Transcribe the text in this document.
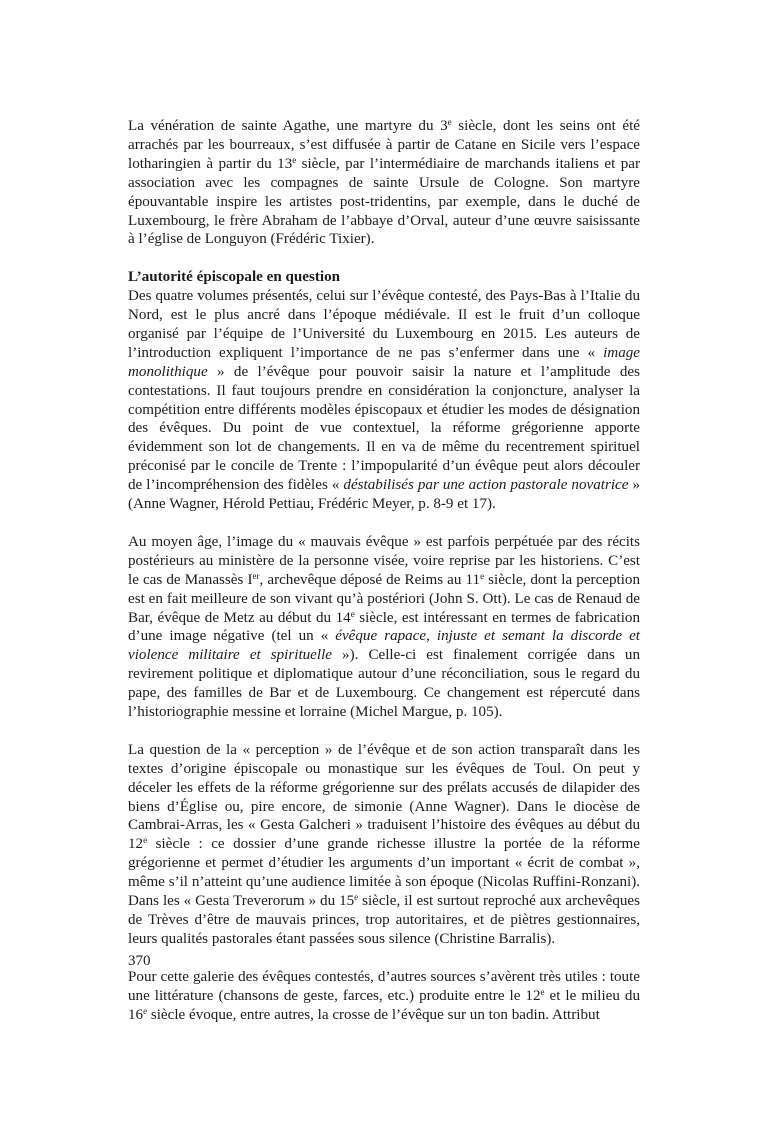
La vénération de sainte Agathe, une martyre du 3e siècle, dont les seins ont été arrachés par les bourreaux, s’est diffusée à partir de Catane en Sicile vers l’espace lotharingien à partir du 13e siècle, par l’intermédiaire de marchands italiens et par association avec les compagnes de sainte Ursule de Cologne. Son martyre épouvantable inspire les artistes post-tridentins, par exemple, dans le duché de Luxembourg, le frère Abraham de l’abbaye d’Orval, auteur d’une œuvre saisissante à l’église de Longuyon (Frédéric Tixier).

L’autorité épiscopale en question
Des quatre volumes présentés, celui sur l’évêque contesté, des Pays-Bas à l’Italie du Nord, est le plus ancré dans l’époque médiévale. Il est le fruit d’un colloque organisé par l’équipe de l’Université du Luxembourg en 2015. Les auteurs de l’introduction expliquent l’importance de ne pas s’enfermer dans une « image monolithique » de l’évêque pour pouvoir saisir la nature et l’amplitude des contestations. Il faut toujours prendre en considération la conjoncture, analyser la compétition entre différents modèles épiscopaux et étudier les modes de désignation des évêques. Du point de vue contextuel, la réforme grégorienne apporte évidemment son lot de changements. Il en va de même du recentrement spirituel préconisé par le concile de Trente : l’impopularité d’un évêque peut alors découler de l’incompréhension des fidèles « déstabilisés par une action pastorale novatrice » (Anne Wagner, Hérold Pettiau, Frédéric Meyer, p. 8-9 et 17).

Au moyen âge, l’image du « mauvais évêque » est parfois perpétuée par des récits postérieurs au ministère de la personne visée, voire reprise par les historiens. C’est le cas de Manassès Ier, archevêque déposé de Reims au 11e siècle, dont la perception est en fait meilleure de son vivant qu’à postériori (John S. Ott). Le cas de Renaud de Bar, évêque de Metz au début du 14e siècle, est intéressant en termes de fabrication d’une image négative (tel un « évêque rapace, injuste et semant la discorde et violence militaire et spirituelle »). Celle-ci est finalement corrigée dans un revirement politique et diplomatique autour d’une réconciliation, sous le regard du pape, des familles de Bar et de Luxembourg. Ce changement est répercuté dans l’historiographie messine et lorraine (Michel Margue, p. 105).

La question de la « perception » de l’évêque et de son action transparaît dans les textes d’origine épiscopale ou monastique sur les évêques de Toul. On peut y déceler les effets de la réforme grégorienne sur des prélats accusés de dilapider des biens d’Église ou, pire encore, de simonie (Anne Wagner). Dans le diocèse de Cambrai-Arras, les « Gesta Galcheri » traduisent l’histoire des évêques au début du 12e siècle : ce dossier d’une grande richesse illustre la portée de la réforme grégorienne et permet d’étudier les arguments d’un important « écrit de combat », même s’il n’atteint qu’une audience limitée à son époque (Nicolas Ruffini-Ronzani). Dans les « Gesta Treverorum » du 15e siècle, il est surtout reproché aux archevêques de Trèves d’être de mauvais princes, trop autoritaires, et de piètres gestionnaires, leurs qualités pastorales étant passées sous silence (Christine Barralis).

Pour cette galerie des évêques contestés, d’autres sources s’avèrent très utiles : toute une littérature (chansons de geste, farces, etc.) produite entre le 12e et le milieu du 16e siècle évoque, entre autres, la crosse de l’évêque sur un ton badin. Attribut

370
